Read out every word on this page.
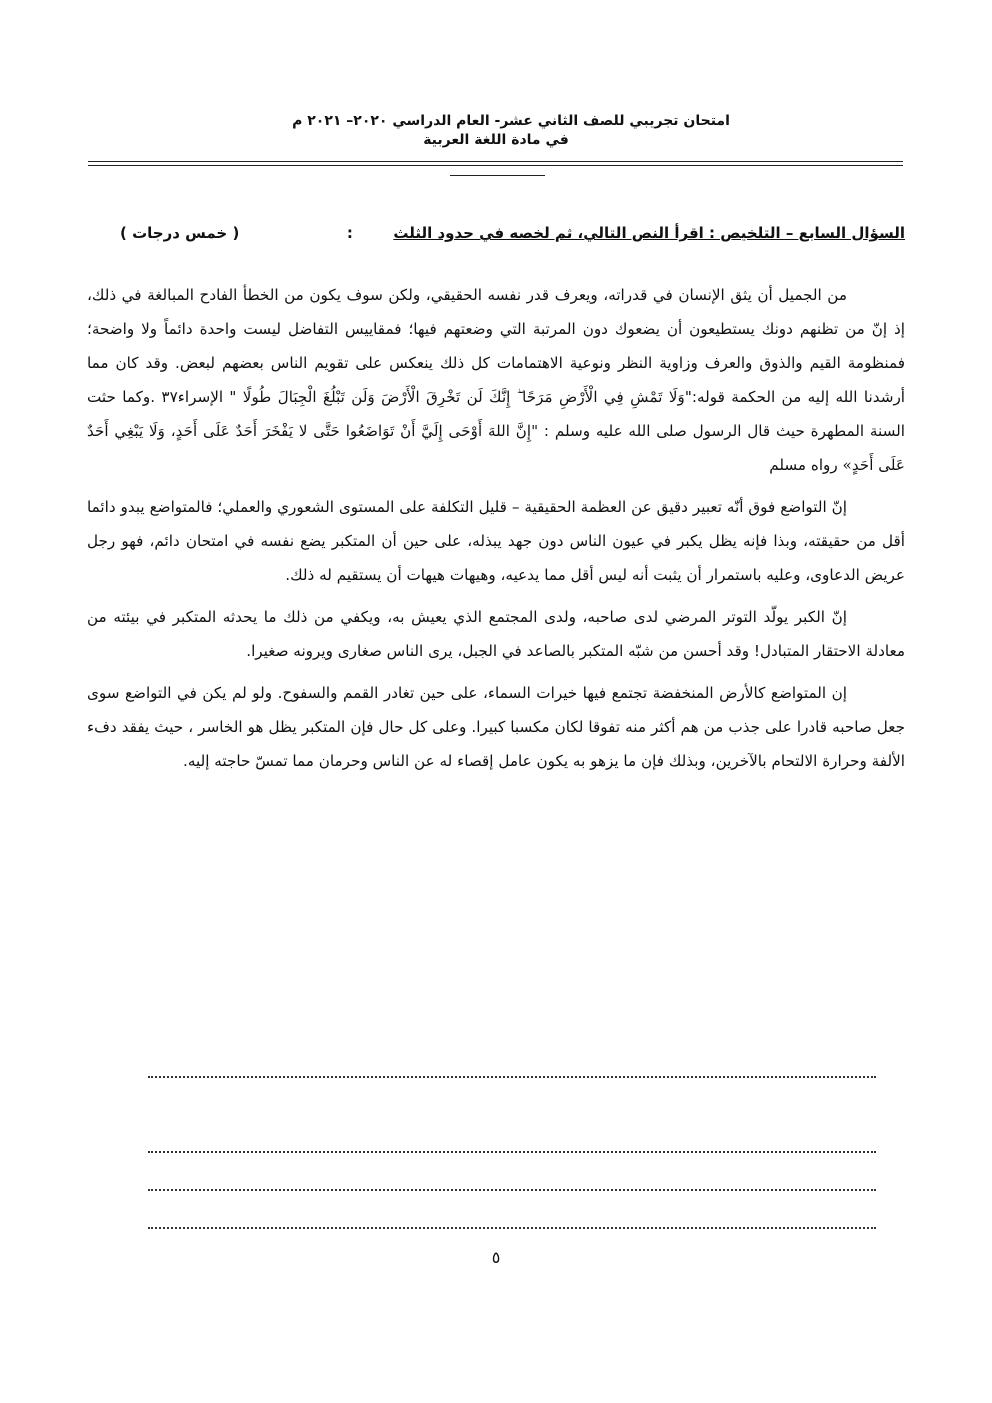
امتحان تجريبي للصف الثاني عشر- العام الدراسي ٢٠٢٠– ٢٠٢١ م
في مادة اللغة العربية
السؤال السابع – التلخيص : اقرأ النص التالي، ثم لخصه في حدود الثلث  :
( خمس درجات )

من الجميل أن يثق الإنسان في قدراته، ويعرف قدر نفسه الحقيقي، ولكن سوف يكون من الخطأ الفادح المبالغة في ذلك، إذ إنّ من تظنهم دونك يستطيعون أن يضعوك دون المرتبة التي وضعتهم فيها؛ فمقاييس التفاضل ليست واحدة دائماً ولا واضحة؛ فمنظومة القيم والذوق والعرف وزاوية النظر ونوعية الاهتمامات كل ذلك ينعكس على تقويم الناس بعضهم لبعض. وقد كان مما أرشدنا الله إليه من الحكمة قوله:"وَلَا تَمْشِ فِي الْأَرْضِ مَرَحًا ۖ إِنَّكَ لَن تَخْرِقَ الْأَرْضَ وَلَن تَبْلُغَ الْجِبَالَ طُولًا " الإسراء٣٧ .وكما حثت السنة المطهرة حيث قال الرسول صلى الله عليه وسلم : "إِنَّ اللهَ أَوْحَى إِلَيَّ أَنْ تَوَاضَعُوا حَتَّى لا يَفْخَرَ أَحَدٌ عَلَى أَحَدٍ، وَلَا يَبْغِي أَحَدٌ عَلَى أَحَدٍ» رواه مسلم

إنّ التواضع فوق أنّه تعبير دقيق عن العظمة الحقيقية – قليل التكلفة على المستوى الشعوري والعملي؛ فالمتواضع يبدو دائما أقل من حقيقته، وبذا فإنه يظل يكبر في عيون الناس دون جهد يبذله، على حين أن المتكبر يضع نفسه في امتحان دائم، فهو رجل عريض الدعاوى، وعليه باستمرار أن يثبت أنه ليس أقل مما يدعيه، وهيهات هيهات أن يستقيم له ذلك.

إنّ الكبر يولّد التوتر المرضي لدى صاحبه، ولدى المجتمع الذي يعيش به، ويكفي من ذلك ما يحدثه المتكبر في بيئته من معادلة الاحتقار المتبادل! وقد أحسن من شبّه المتكبر بالصاعد في الجبل، يرى الناس صغارى ويرونه صغيرا.

إن المتواضع كالأرض المنخفضة تجتمع فيها خيرات السماء، على حين تغادر القمم والسفوح. ولو لم يكن في التواضع سوى جعل صاحبه قادرا على جذب من هم أكثر منه تفوقا لكان مكسبا كبيرا. وعلى كل حال فإن المتكبر يظل هو الخاسر ، حيث يفقد دفء الألفة وحرارة الالتحام بالآخرين، وبذلك فإن ما يزهو به يكون عامل إقصاء له عن الناس وحرمان مما تمسّ حاجته إليه.

٥
